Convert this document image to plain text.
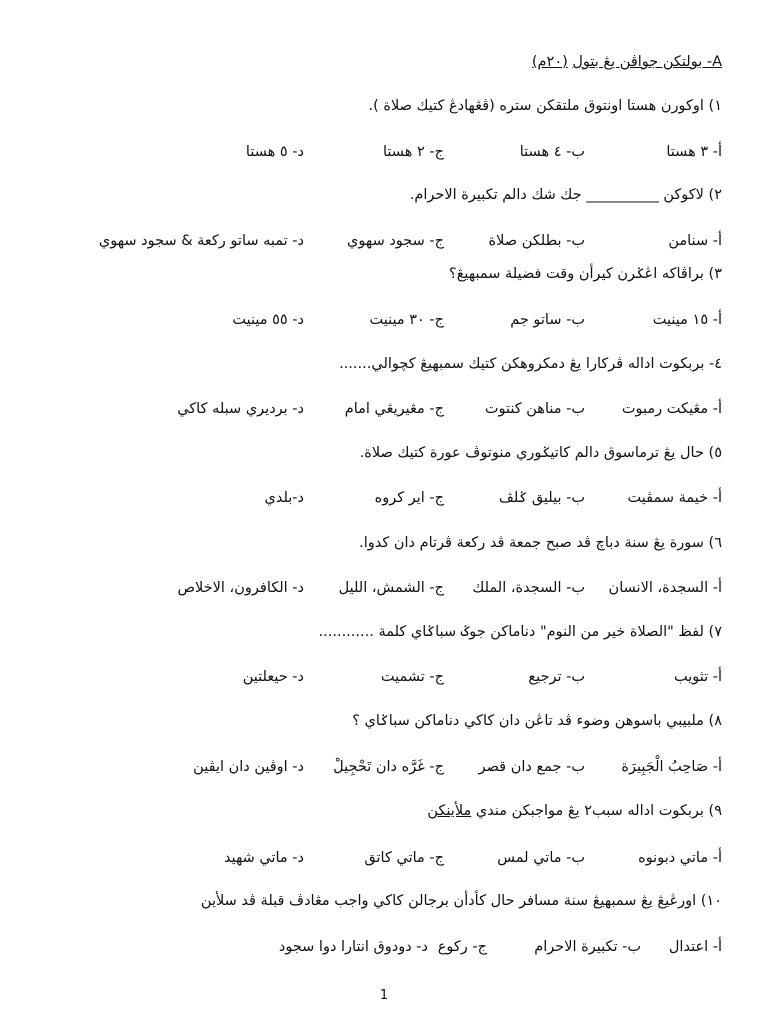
A- بولتكن جواڤن يڠ بتول (٢٠م)
١) اوكورن هستا اونتوق ملتقكن ستره (ڤڠهادڠ كتيك صلاة ).
أ- ٣ هستا
ب- ٤ هستا
ج- ٢ هستا
د- ٥ هستا
٢) لاكوكن __________ جك شك دالم تكبيرة الاحرام.
أ- سنامن
ب- بطلكن صلاة
ج- سجود سهوي
د- تمبه ساتو ركعة & سجود سهوي
٣) براڤاكه اڠݢرن كيرأن وقت فضيلة سمبهيڠ؟
أ- ١٥ مينيت
ب- ساتو جم
ج- ٣٠ مينيت
د- ٥٥ مينيت
٤- بربكوت اداله ڤركارا يڠ دمكروهكن كتيك سمبهيڠ كچوالي.......
أ- مڠيكت رمبوت
ب- مناهن كنتوت
ج- مڠيريڠي امام
د- برديري سبله كاكي
٥) حال يڠ ترماسوق دالم كاتيݢوري منوتوڤ عورة كتيك صلاة.
أ- خيمة سمڤيت
ب- بيليق ݢلڤ
ج- اير كروه
د-بلدي
٦) سورة يڠ سنة دباچ ڤد صبح جمعة ڤد ركعة ڤرتام دان كدوا.
أ- السجدة، الانسان
ب- السجدة، الملك
ج- الشمش، الليل
د- الكافرون، الاخلاص
٧) لفظ "الصلاة خير من النوم" دناماكن جوݢ سباݢاي كلمة ............
أ- تثويب
ب- ترجيع
ج- تشميت
د- حيعلتين
٨) ملبيبي باسوهن وضوء ڤد تاڠن دان كاكي دناماكن سباݢاي ؟
أ- صَاحِبُ الْجَبِيرَة
ب- جمع دان قصر
ج- غَرَّه دان تَحْجِيلْ
د- اوڤين دان ايڤين
٩) بربكوت اداله سبب٢ يڠ مواجبكن مندي ملأينكن
أ- ماتي دبونوه
ب- ماتي لمس
ج- ماتي كاتق
د- ماتي شهيد
١٠) اورڠيڠ يڠ سمبهيڠ سنة مسافر حال كأدأن برجالن كاكي واجب مڠادڤ قبلة ڤد سلأين
أ- اعتدال
ب- تكبيرة الاحرام
ج- ركوع
د- دودوق انتارا دوا سجود
1
